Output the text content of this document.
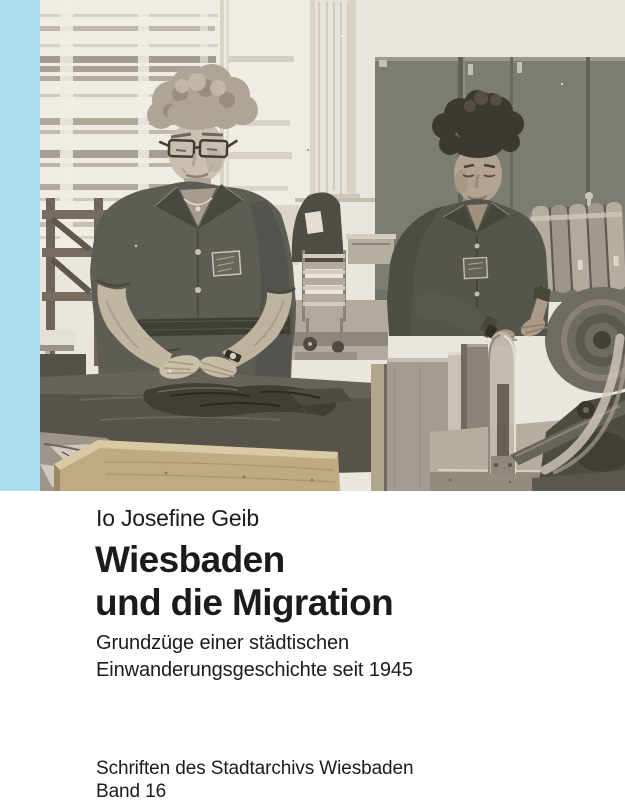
Io Josefine Geib
Wiesbaden
und die Migration
Grundzüge einer städtischen
Einwanderungsgeschichte seit 1945
Schriften des Stadtarchivs Wiesbaden
Band 16
